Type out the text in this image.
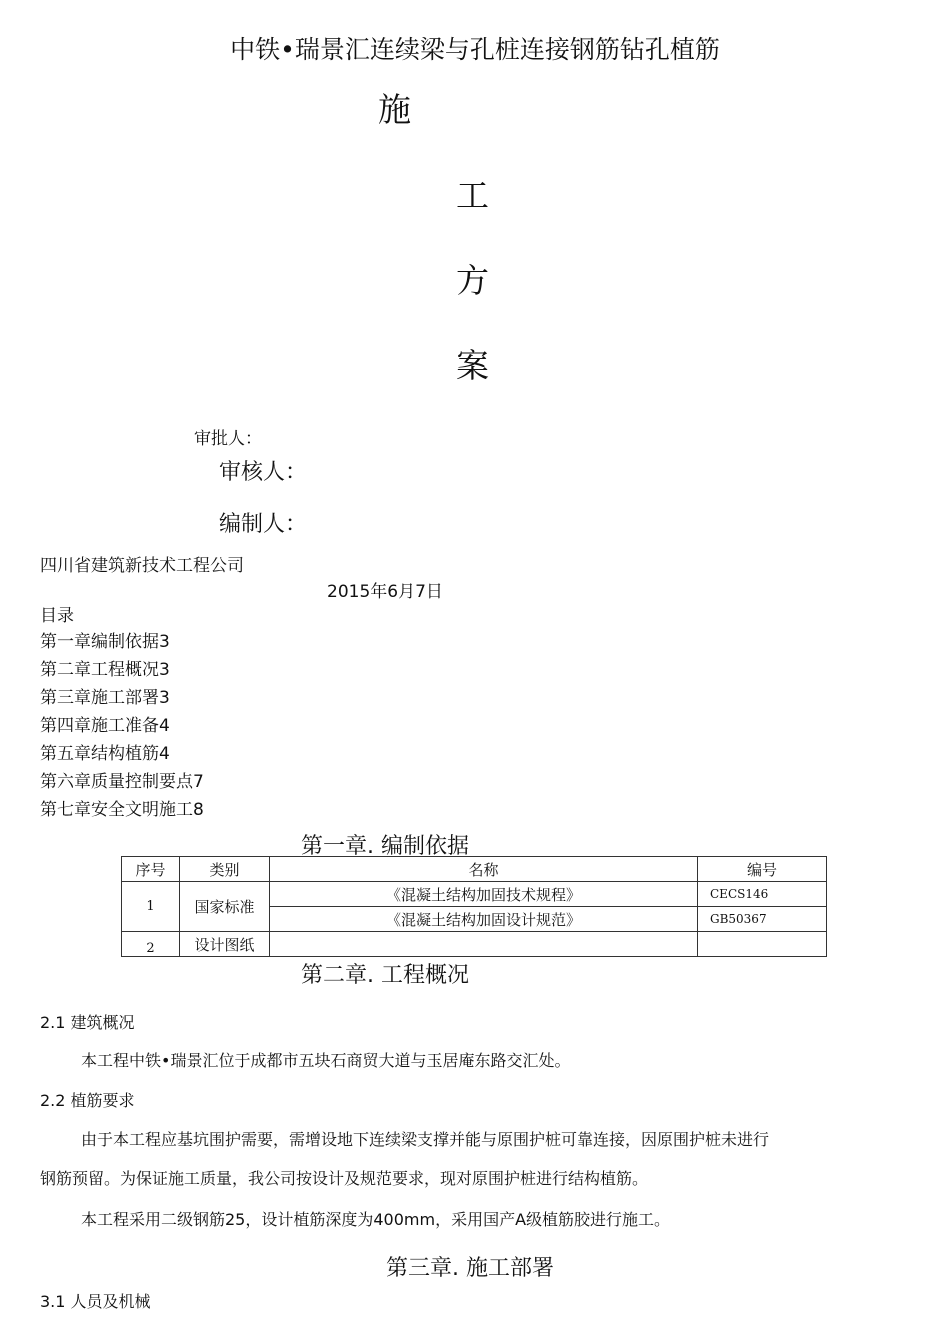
中铁•瑞景汇连续梁与孔桩连接钢筋钻孔植筋
施
工
方
案
审批人：
审核人：
编制人：
四川省建筑新技术工程公司
2015年6月7日
目录
第一章编制依据3
第二章工程概况3
第三章施工部署3
第四章施工准备4
第五章结构植筋4
第六章质量控制要点7
第七章安全文明施工8
第一章. 编制依据
序号	类别	名称	编号
1	国家标准	《混凝土结构加固技术规程》	CECS146
		《混凝土结构加固设计规范》	GB50367
2	设计图纸		
第二章. 工程概况
2.1 建筑概况
本工程中铁•瑞景汇位于成都市五块石商贸大道与玉居庵东路交汇处。
2.2 植筋要求
由于本工程应基坑围护需要，需增设地下连续梁支撑并能与原围护桩可靠连接，因原围护桩未进行
钢筋预留。为保证施工质量，我公司按设计及规范要求，现对原围护桩进行结构植筋。
本工程采用二级钢筋25，设计植筋深度为400mm，采用国产A级植筋胶进行施工。
第三章. 施工部署
3.1 人员及机械
